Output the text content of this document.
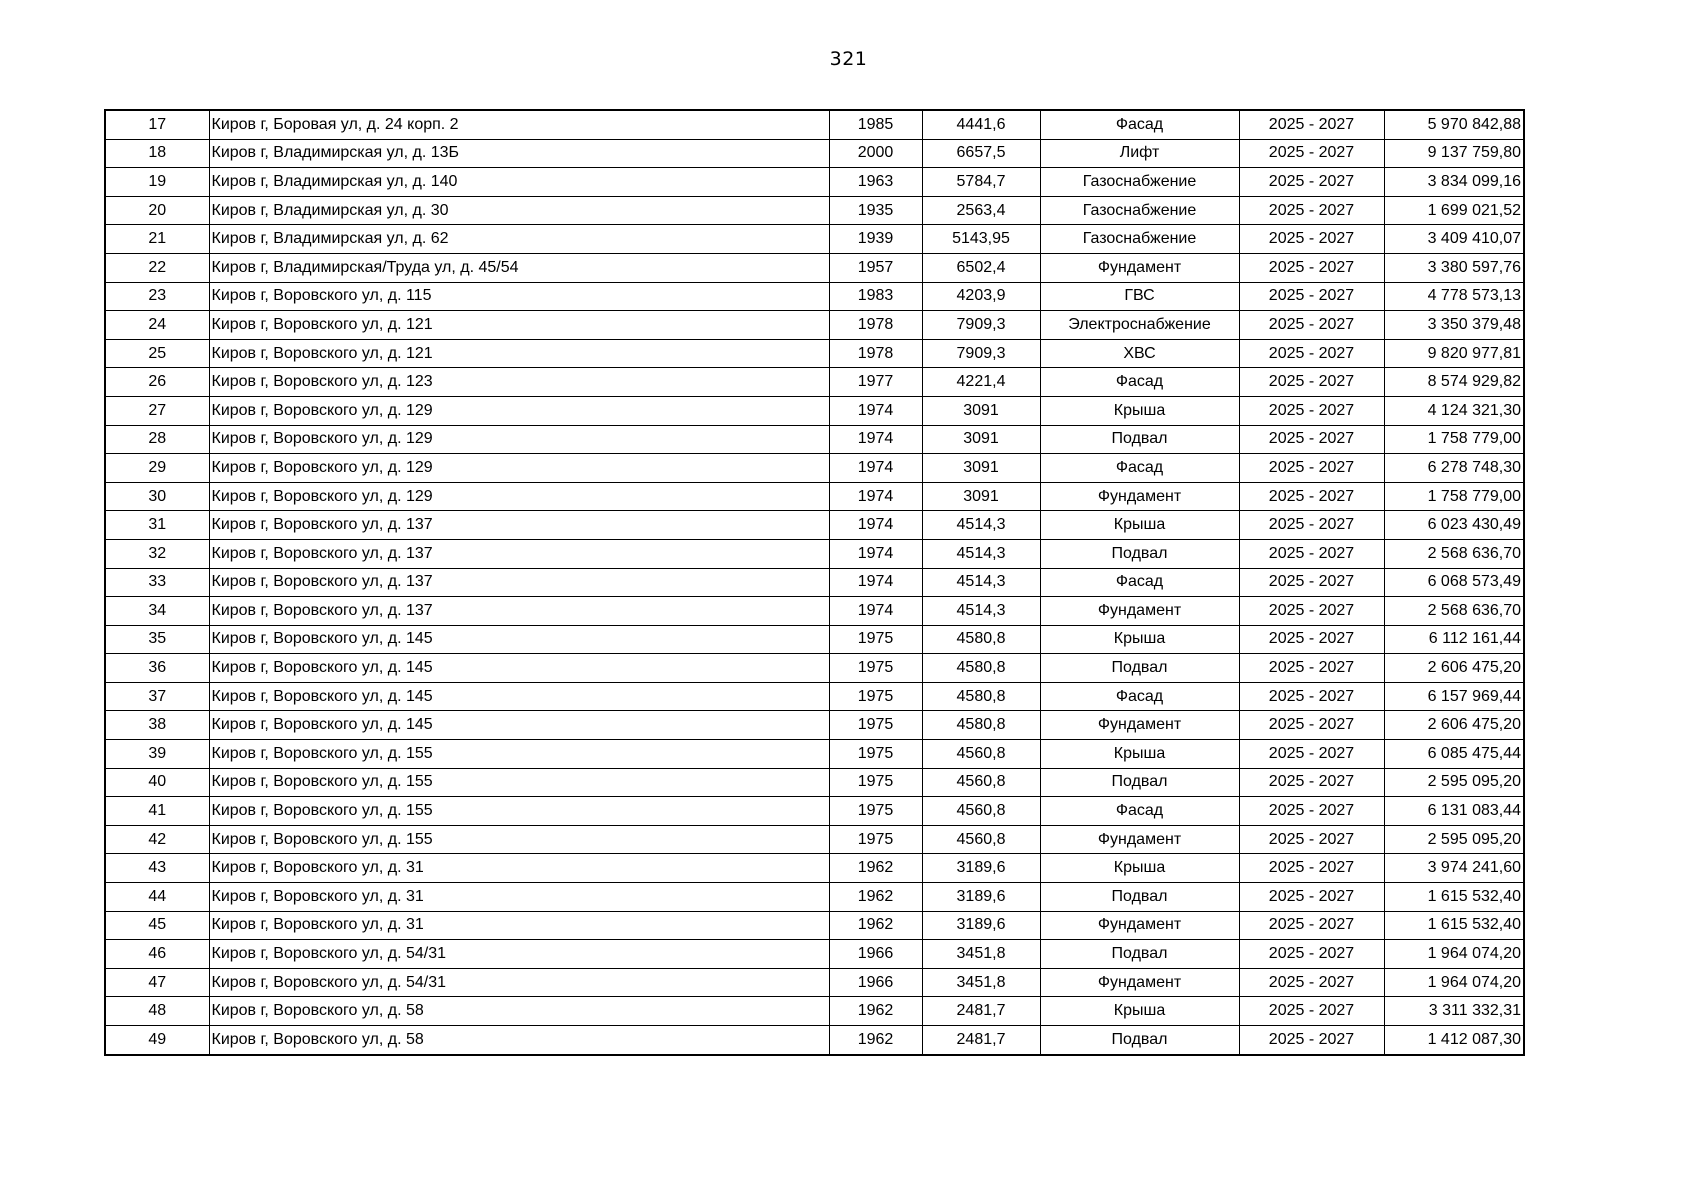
321
17	Киров г, Боровая ул, д. 24 корп. 2	1985	4441,6	Фасад	2025 - 2027	5 970 842,88
18	Киров г, Владимирская ул, д. 13Б	2000	6657,5	Лифт	2025 - 2027	9 137 759,80
19	Киров г, Владимирская ул, д. 140	1963	5784,7	Газоснабжение	2025 - 2027	3 834 099,16
20	Киров г, Владимирская ул, д. 30	1935	2563,4	Газоснабжение	2025 - 2027	1 699 021,52
21	Киров г, Владимирская ул, д. 62	1939	5143,95	Газоснабжение	2025 - 2027	3 409 410,07
22	Киров г, Владимирская/Труда ул, д. 45/54	1957	6502,4	Фундамент	2025 - 2027	3 380 597,76
23	Киров г, Воровского ул, д. 115	1983	4203,9	ГВС	2025 - 2027	4 778 573,13
24	Киров г, Воровского ул, д. 121	1978	7909,3	Электроснабжение	2025 - 2027	3 350 379,48
25	Киров г, Воровского ул, д. 121	1978	7909,3	ХВС	2025 - 2027	9 820 977,81
26	Киров г, Воровского ул, д. 123	1977	4221,4	Фасад	2025 - 2027	8 574 929,82
27	Киров г, Воровского ул, д. 129	1974	3091	Крыша	2025 - 2027	4 124 321,30
28	Киров г, Воровского ул, д. 129	1974	3091	Подвал	2025 - 2027	1 758 779,00
29	Киров г, Воровского ул, д. 129	1974	3091	Фасад	2025 - 2027	6 278 748,30
30	Киров г, Воровского ул, д. 129	1974	3091	Фундамент	2025 - 2027	1 758 779,00
31	Киров г, Воровского ул, д. 137	1974	4514,3	Крыша	2025 - 2027	6 023 430,49
32	Киров г, Воровского ул, д. 137	1974	4514,3	Подвал	2025 - 2027	2 568 636,70
33	Киров г, Воровского ул, д. 137	1974	4514,3	Фасад	2025 - 2027	6 068 573,49
34	Киров г, Воровского ул, д. 137	1974	4514,3	Фундамент	2025 - 2027	2 568 636,70
35	Киров г, Воровского ул, д. 145	1975	4580,8	Крыша	2025 - 2027	6 112 161,44
36	Киров г, Воровского ул, д. 145	1975	4580,8	Подвал	2025 - 2027	2 606 475,20
37	Киров г, Воровского ул, д. 145	1975	4580,8	Фасад	2025 - 2027	6 157 969,44
38	Киров г, Воровского ул, д. 145	1975	4580,8	Фундамент	2025 - 2027	2 606 475,20
39	Киров г, Воровского ул, д. 155	1975	4560,8	Крыша	2025 - 2027	6 085 475,44
40	Киров г, Воровского ул, д. 155	1975	4560,8	Подвал	2025 - 2027	2 595 095,20
41	Киров г, Воровского ул, д. 155	1975	4560,8	Фасад	2025 - 2027	6 131 083,44
42	Киров г, Воровского ул, д. 155	1975	4560,8	Фундамент	2025 - 2027	2 595 095,20
43	Киров г, Воровского ул, д. 31	1962	3189,6	Крыша	2025 - 2027	3 974 241,60
44	Киров г, Воровского ул, д. 31	1962	3189,6	Подвал	2025 - 2027	1 615 532,40
45	Киров г, Воровского ул, д. 31	1962	3189,6	Фундамент	2025 - 2027	1 615 532,40
46	Киров г, Воровского ул, д. 54/31	1966	3451,8	Подвал	2025 - 2027	1 964 074,20
47	Киров г, Воровского ул, д. 54/31	1966	3451,8	Фундамент	2025 - 2027	1 964 074,20
48	Киров г, Воровского ул, д. 58	1962	2481,7	Крыша	2025 - 2027	3 311 332,31
49	Киров г, Воровского ул, д. 58	1962	2481,7	Подвал	2025 - 2027	1 412 087,30
